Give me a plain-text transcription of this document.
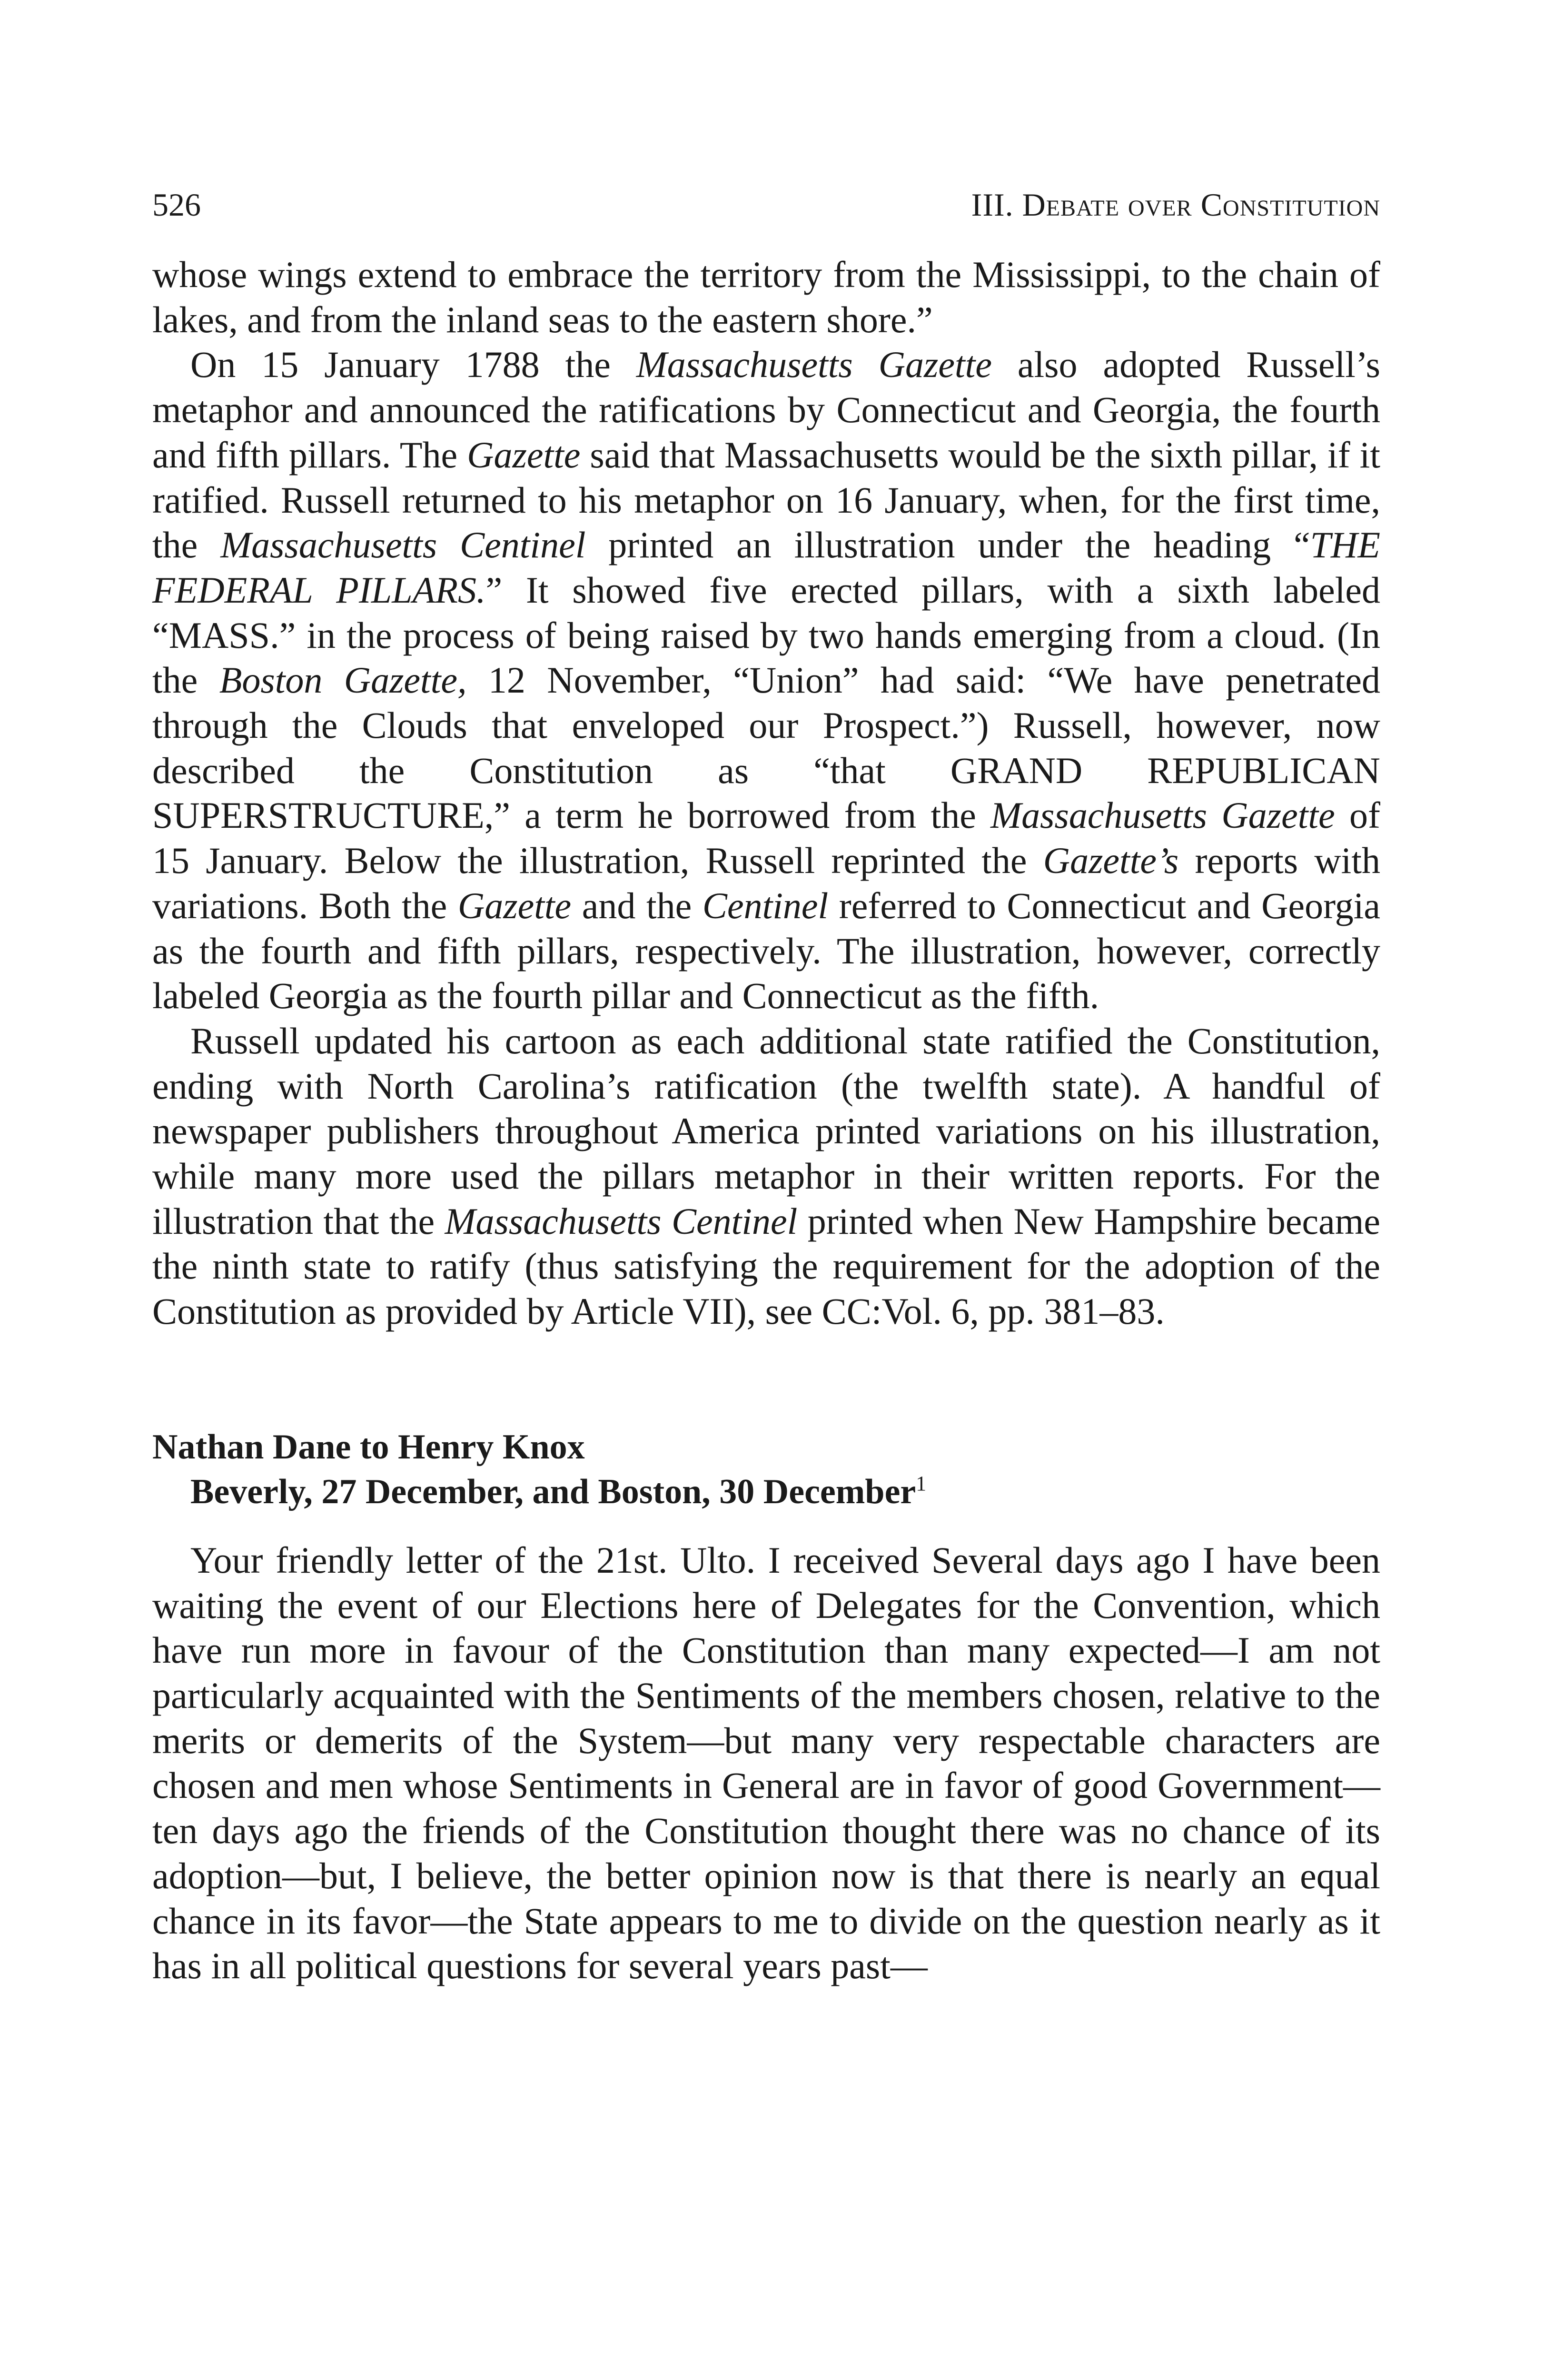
526	III. Debate over Constitution

whose wings extend to embrace the territory from the Mississippi, to the chain of lakes, and from the inland seas to the eastern shore.”

On 15 January 1788 the Massachusetts Gazette also adopted Russell’s metaphor and announced the ratifications by Connecticut and Georgia, the fourth and fifth pillars. The Gazette said that Massachusetts would be the sixth pillar, if it ratified. Russell returned to his metaphor on 16 January, when, for the first time, the Massachusetts Centinel printed an illustration under the heading “THE FEDERAL PILLARS.” It showed five erected pillars, with a sixth labeled “MASS.” in the process of being raised by two hands emerging from a cloud. (In the Boston Gazette, 12 November, “Union” had said: “We have penetrated through the Clouds that enveloped our Prospect.”) Russell, however, now described the Constitution as “that GRAND REPUBLICAN SUPERSTRUCTURE,” a term he borrowed from the Massachusetts Gazette of 15 January. Below the illustration, Russell reprinted the Gazette’s reports with variations. Both the Gazette and the Centinel referred to Connecticut and Georgia as the fourth and fifth pillars, respectively. The illustration, however, correctly labeled Georgia as the fourth pillar and Connecticut as the fifth.

Russell updated his cartoon as each additional state ratified the Constitution, ending with North Carolina’s ratification (the twelfth state). A handful of newspaper publishers throughout America printed variations on his illustration, while many more used the pillars metaphor in their written reports. For the illustration that the Massachusetts Centinel printed when New Hampshire became the ninth state to ratify (thus satisfying the requirement for the adoption of the Constitution as provided by Article VII), see CC:Vol. 6, pp. 381–83.

Nathan Dane to Henry Knox
Beverly, 27 December, and Boston, 30 December$^1$

Your friendly letter of the 21st. Ulto. I received Several days ago I have been waiting the event of our Elections here of Delegates for the Convention, which have run more in favour of the Constitution than many expected—I am not particularly acquainted with the Sentiments of the members chosen, relative to the merits or demerits of the System—but many very respectable characters are chosen and men whose Sentiments in General are in favor of good Government—ten days ago the friends of the Constitution thought there was no chance of its adoption—but, I believe, the better opinion now is that there is nearly an equal chance in its favor—the State appears to me to divide on the question nearly as it has in all political questions for several years past—
